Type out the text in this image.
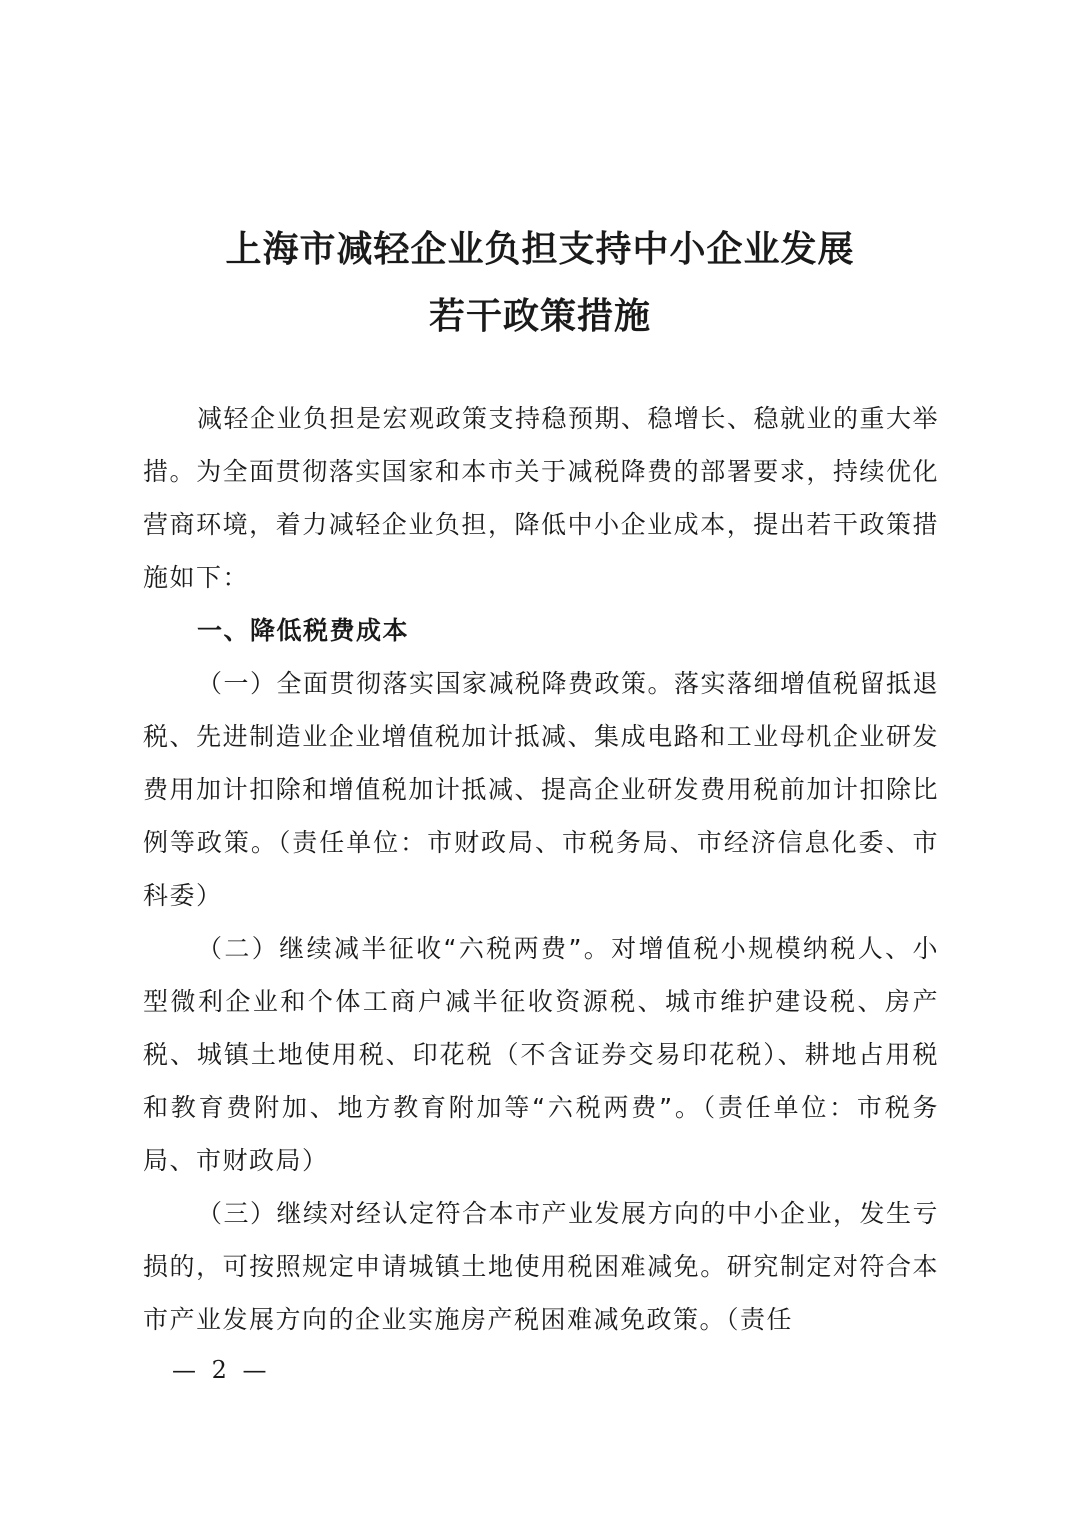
上海市减轻企业负担支持中小企业发展
若干政策措施

减轻企业负担是宏观政策支持稳预期、稳增长、稳就业的重大举措。为全面贯彻落实国家和本市关于减税降费的部署要求，持续优化营商环境，着力减轻企业负担，降低中小企业成本，提出若干政策措施如下：

一、降低税费成本

（一）全面贯彻落实国家减税降费政策。落实落细增值税留抵退税、先进制造业企业增值税加计抵减、集成电路和工业母机企业研发费用加计扣除和增值税加计抵减、提高企业研发费用税前加计扣除比例等政策。（责任单位：市财政局、市税务局、市经济信息化委、市科委）

（二）继续减半征收“六税两费”。对增值税小规模纳税人、小型微利企业和个体工商户减半征收资源税、城市维护建设税、房产税、城镇土地使用税、印花税（不含证券交易印花税）、耕地占用税和教育费附加、地方教育附加等“六税两费”。（责任单位：市税务局、市财政局）

（三）继续对经认定符合本市产业发展方向的中小企业，发生亏损的，可按照规定申请城镇土地使用税困难减免。研究制定对符合本市产业发展方向的企业实施房产税困难减免政策。（责任

— 2 —
